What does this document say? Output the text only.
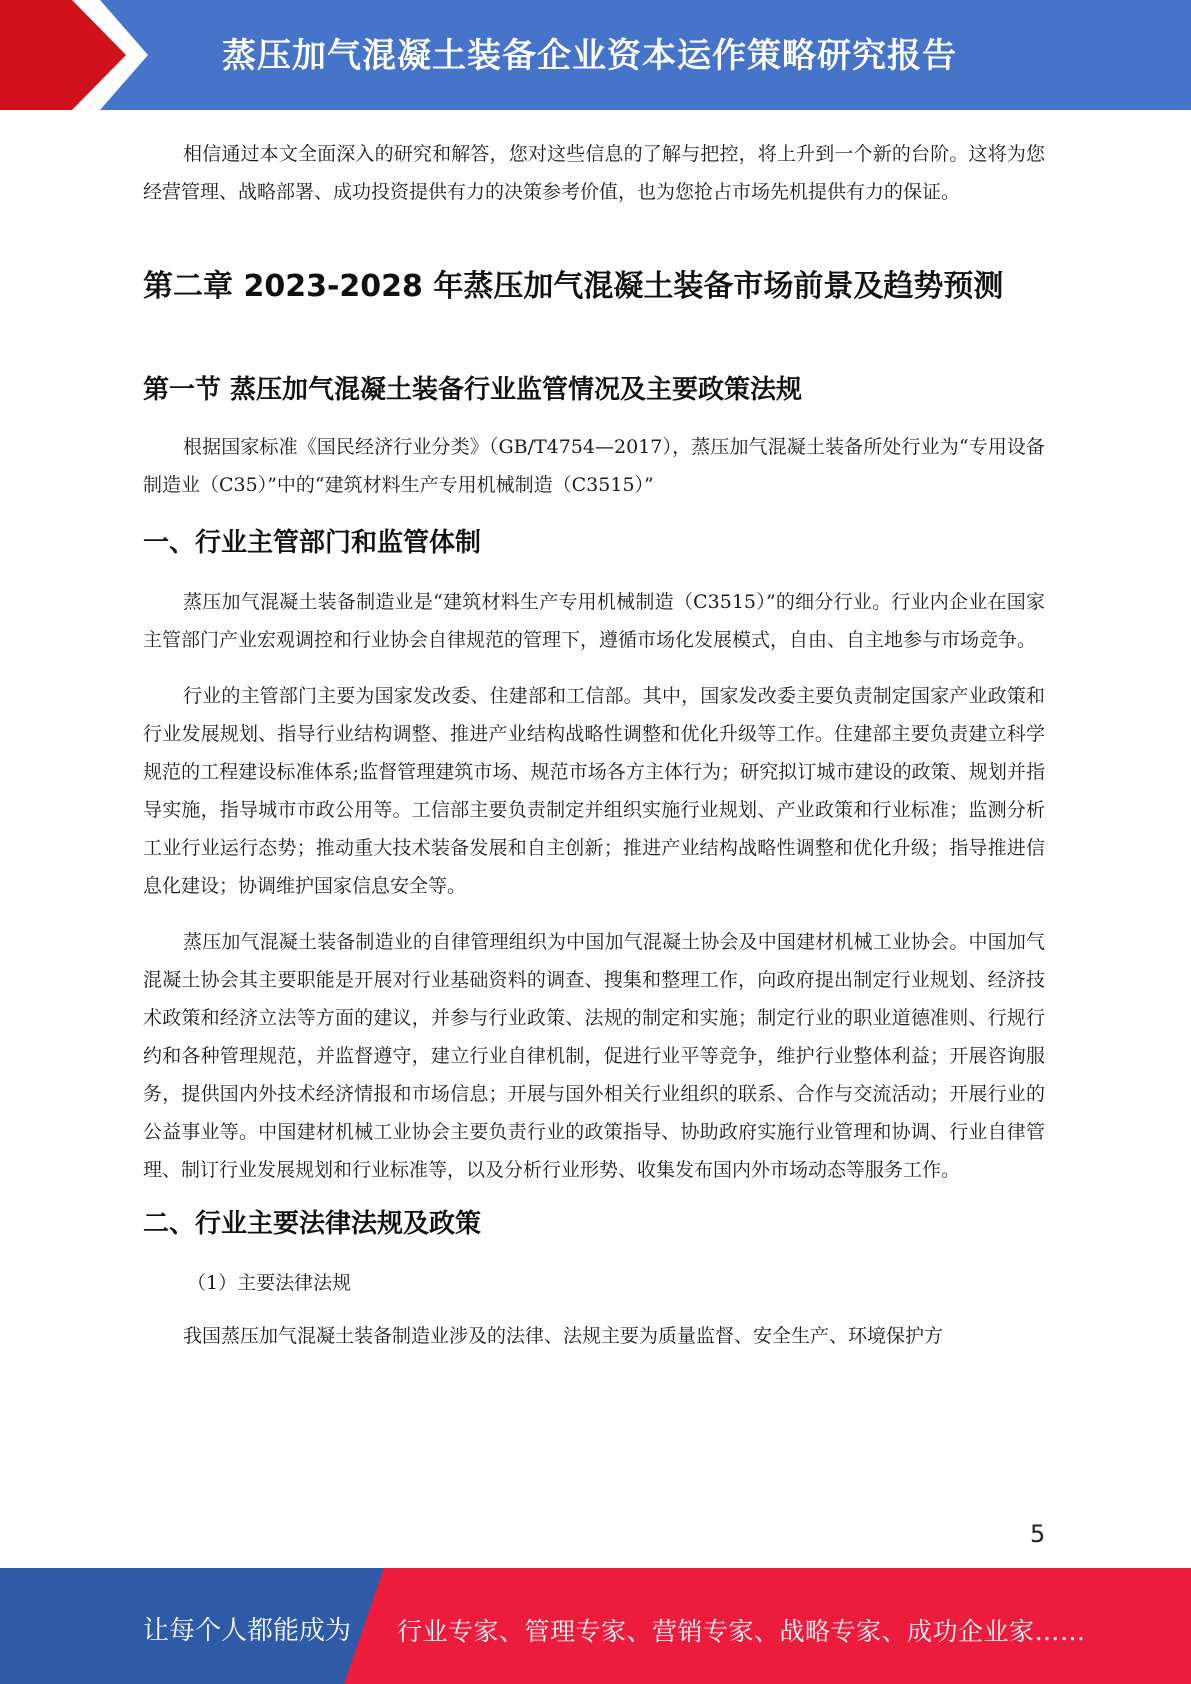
蒸压加气混凝土装备企业资本运作策略研究报告

相信通过本文全面深入的研究和解答，您对这些信息的了解与把控，将上升到一个新的台阶。这将为您经营管理、战略部署、成功投资提供有力的决策参考价值，也为您抢占市场先机提供有力的保证。

第二章 2023-2028 年蒸压加气混凝土装备市场前景及趋势预测
第一节 蒸压加气混凝土装备行业监管情况及主要政策法规

根据国家标准《国民经济行业分类》（GB/T4754—2017），蒸压加气混凝土装备所处行业为“专用设备制造业（C35）”中的“建筑材料生产专用机械制造（C3515）”

一、行业主管部门和监管体制

蒸压加气混凝土装备制造业是“建筑材料生产专用机械制造（C3515）”的细分行业。行业内企业在国家主管部门产业宏观调控和行业协会自律规范的管理下，遵循市场化发展模式，自由、自主地参与市场竞争。

行业的主管部门主要为国家发改委、住建部和工信部。其中，国家发改委主要负责制定国家产业政策和行业发展规划、指导行业结构调整、推进产业结构战略性调整和优化升级等工作。住建部主要负责建立科学规范的工程建设标准体系;监督管理建筑市场、规范市场各方主体行为；研究拟订城市建设的政策、规划并指导实施，指导城市市政公用等。工信部主要负责制定并组织实施行业规划、产业政策和行业标准；监测分析工业行业运行态势；推动重大技术装备发展和自主创新；推进产业结构战略性调整和优化升级；指导推进信息化建设；协调维护国家信息安全等。

蒸压加气混凝土装备制造业的自律管理组织为中国加气混凝土协会及中国建材机械工业协会。中国加气混凝土协会其主要职能是开展对行业基础资料的调查、搜集和整理工作，向政府提出制定行业规划、经济技术政策和经济立法等方面的建议，并参与行业政策、法规的制定和实施；制定行业的职业道德准则、行规行约和各种管理规范，并监督遵守，建立行业自律机制，促进行业平等竞争，维护行业整体利益；开展咨询服务，提供国内外技术经济情报和市场信息；开展与国外相关行业组织的联系、合作与交流活动；开展行业的公益事业等。中国建材机械工业协会主要负责行业的政策指导、协助政府实施行业管理和协调、行业自律管理、制订行业发展规划和行业标准等，以及分析行业形势、收集发布国内外市场动态等服务工作。

二、行业主要法律法规及政策

（1）主要法律法规

我国蒸压加气混凝土装备制造业涉及的法律、法规主要为质量监督、安全生产、环境保护方

5
让每个人都能成为 行业专家、管理专家、营销专家、战略专家、成功企业家……
